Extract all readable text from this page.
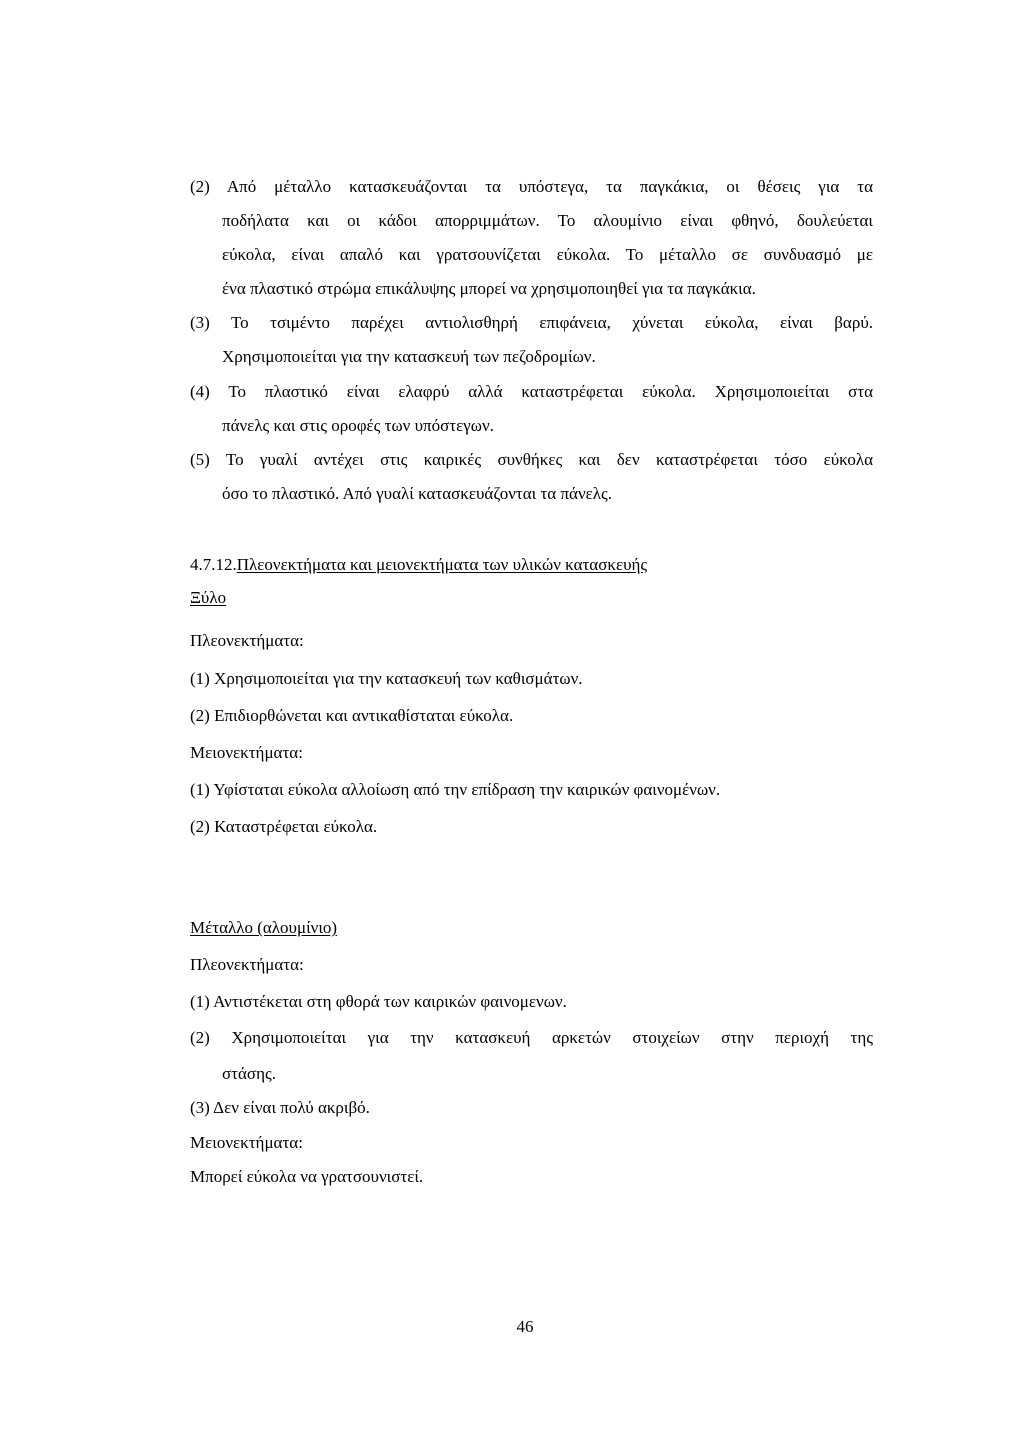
(2) Από μέταλλο κατασκευάζονται τα υπόστεγα, τα παγκάκια, οι θέσεις για τα

ποδήλατα και οι κάδοι απορριμμάτων. Το αλουμίνιο είναι φθηνό, δουλεύεται

εύκολα, είναι απαλό και γρατσουνίζεται εύκολα. Το μέταλλο σε συνδυασμό με

ένα πλαστικό στρώμα επικάλυψης μπορεί να χρησιμοποιηθεί για τα παγκάκια.

(3) Το τσιμέντο παρέχει αντιολισθηρή επιφάνεια, χύνεται εύκολα, είναι βαρύ.

Χρησιμοποιείται για την κατασκευή των πεζοδρομίων.

(4) Το πλαστικό είναι ελαφρύ αλλά καταστρέφεται εύκολα. Χρησιμοποιείται στα

πάνελς και στις οροφές των υπόστεγων.

(5) Το γυαλί αντέχει στις καιρικές συνθήκες και δεν καταστρέφεται τόσο εύκολα

όσο το πλαστικό. Από γυαλί κατασκευάζονται τα πάνελς.

4.7.12.Πλεονεκτήματα και μειονεκτήματα των υλικών κατασκευής

Ξύλο

Πλεονεκτήματα:

(1) Χρησιμοποιείται για την κατασκευή των καθισμάτων.

(2) Επιδιορθώνεται και αντικαθίσταται εύκολα.

Μειονεκτήματα:

(1) Υφίσταται εύκολα αλλοίωση από την επίδραση την καιρικών φαινομένων.

(2) Καταστρέφεται εύκολα.

Μέταλλο (αλουμίνιο)

Πλεονεκτήματα:

(1) Αντιστέκεται στη φθορά των καιρικών φαινομενων.

(2) Χρησιμοποιείται για την κατασκευή αρκετών στοιχείων στην περιοχή της

στάσης.

(3) Δεν είναι πολύ ακριβό.

Μειονεκτήματα:

Μπορεί εύκολα να γρατσουνιστεί.

46
